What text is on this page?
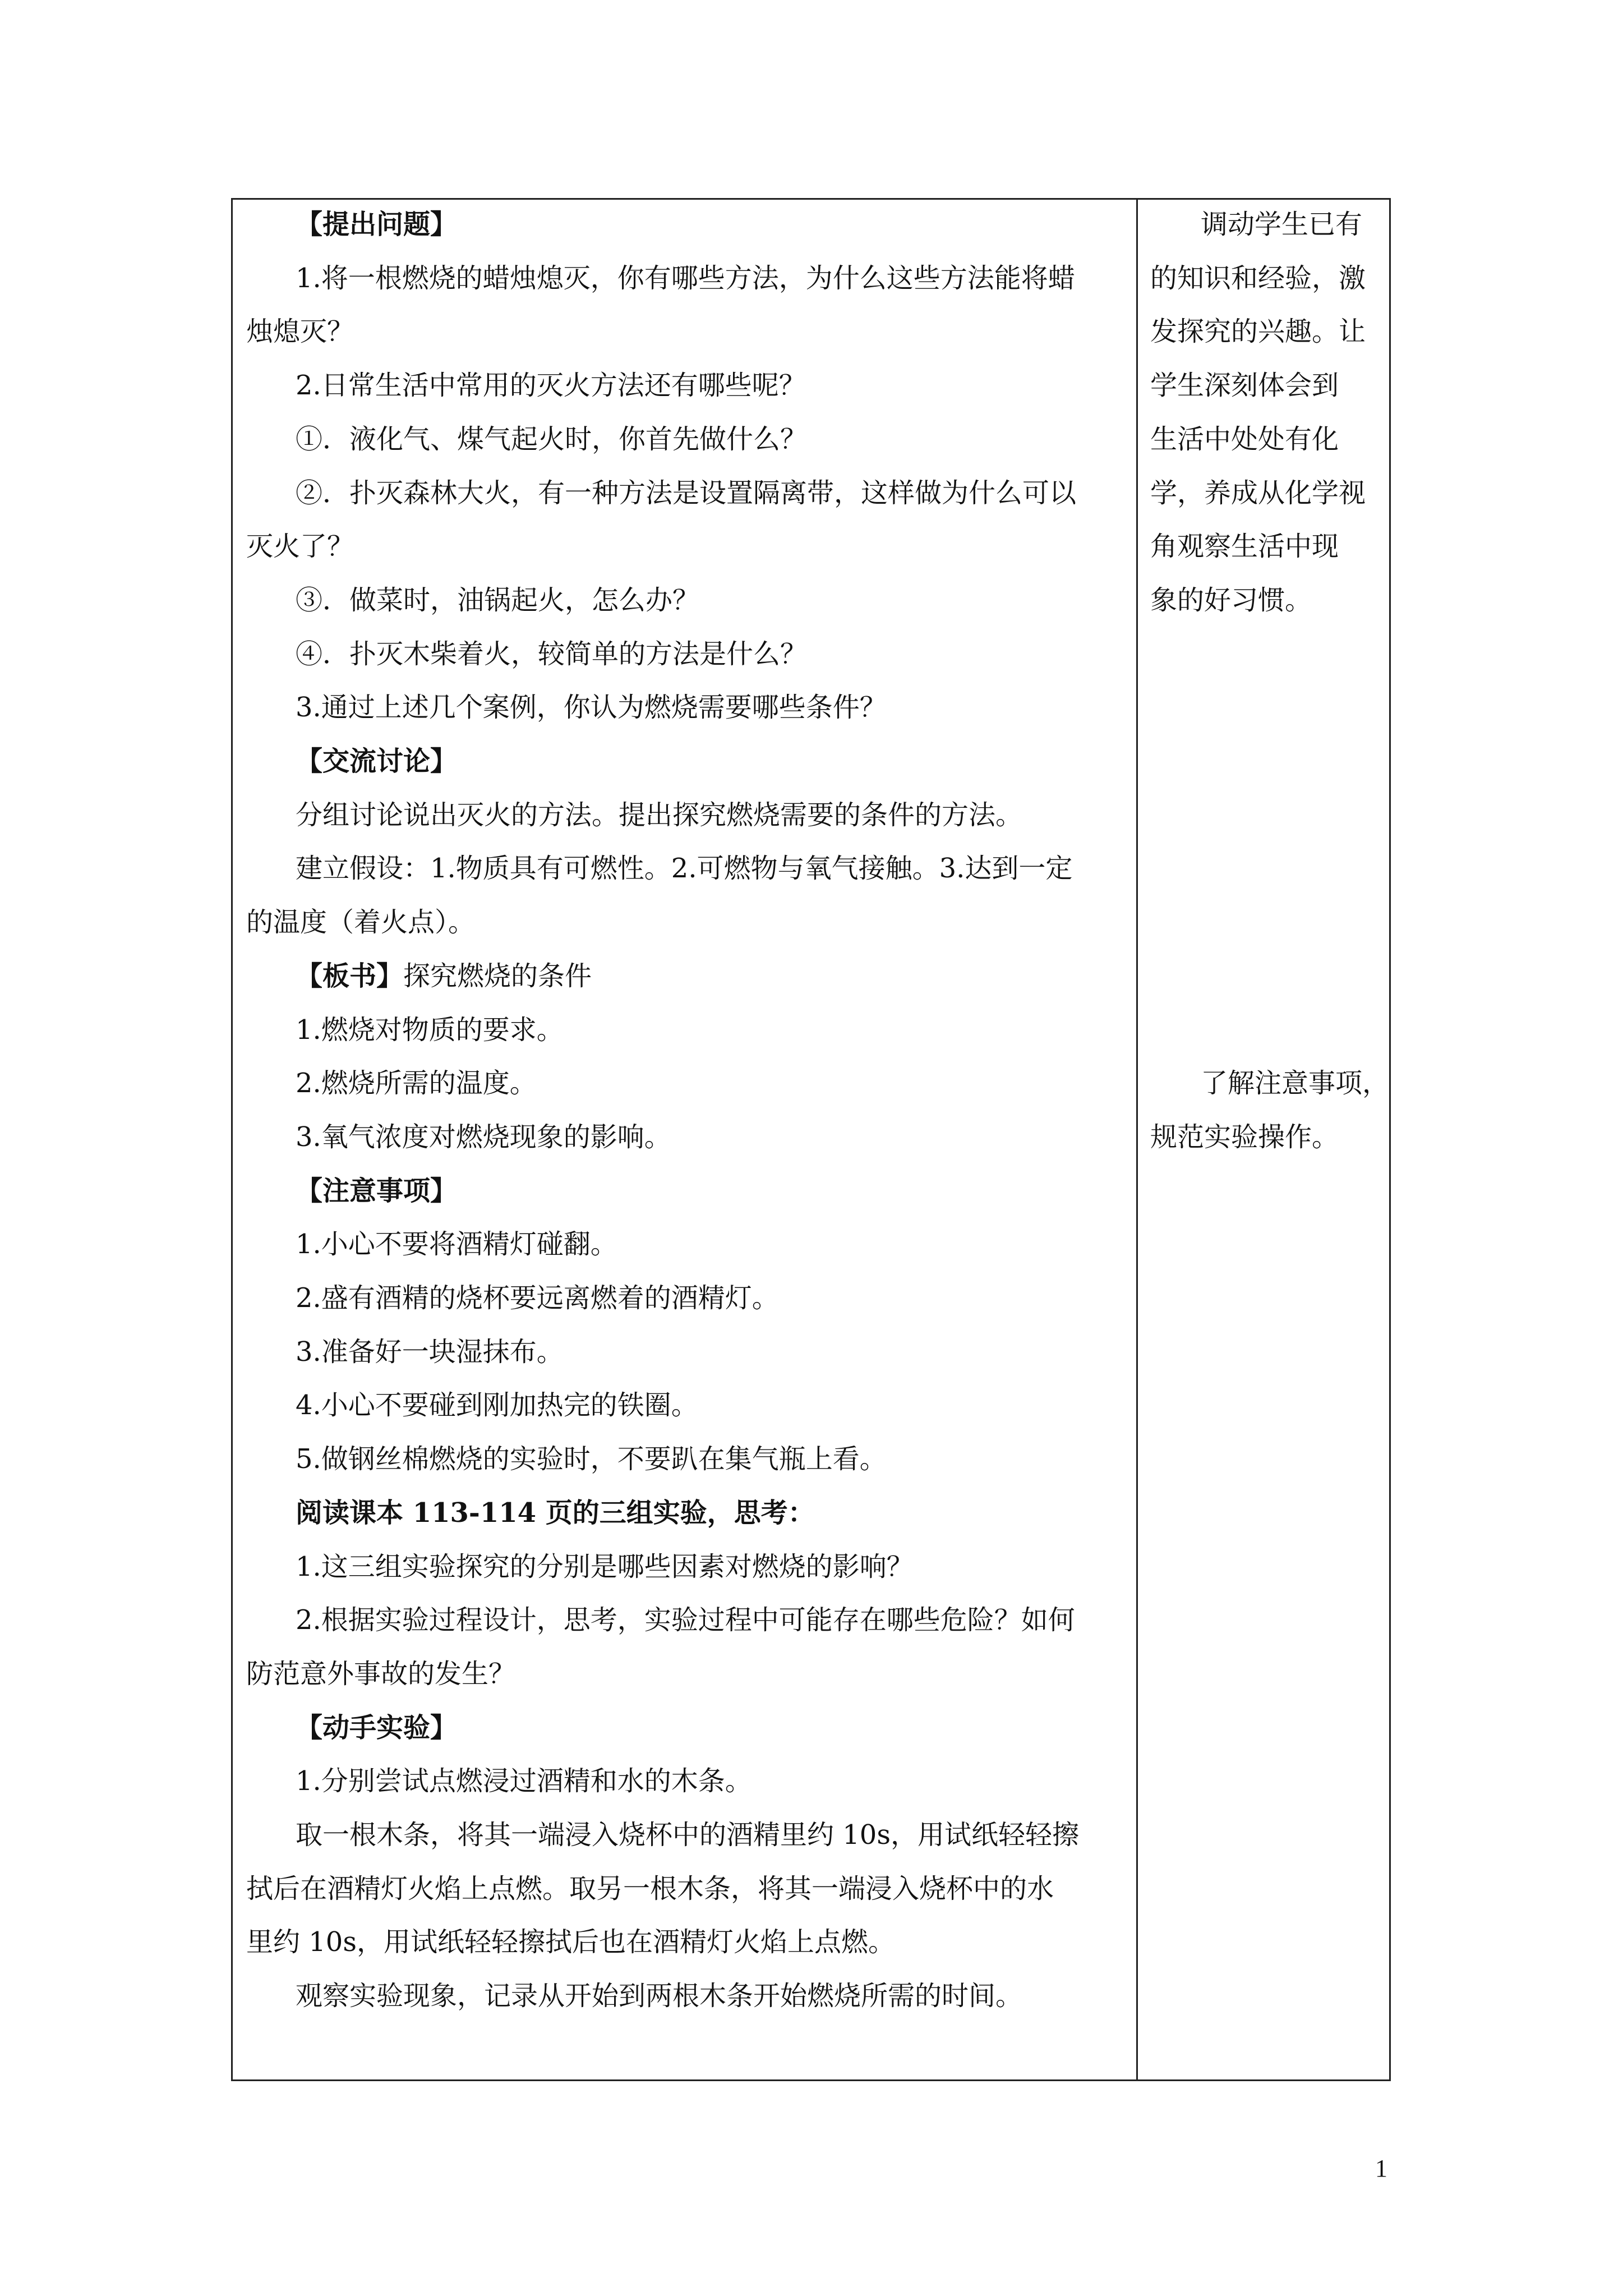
【提出问题】
1.将一根燃烧的蜡烛熄灭，你有哪些方法，为什么这些方法能将蜡
烛熄灭？
2.日常生活中常用的灭火方法还有哪些呢？
①．液化气、煤气起火时，你首先做什么？
②．扑灭森林大火，有一种方法是设置隔离带，这样做为什么可以
灭火了？
③．做菜时，油锅起火，怎么办？
④．扑灭木柴着火，较简单的方法是什么？
3.通过上述几个案例，你认为燃烧需要哪些条件？
【交流讨论】
分组讨论说出灭火的方法。提出探究燃烧需要的条件的方法。
建立假设：1.物质具有可燃性。2.可燃物与氧气接触。3.达到一定
的温度（着火点）。
【板书】探究燃烧的条件
1.燃烧对物质的要求。
2.燃烧所需的温度。
3.氧气浓度对燃烧现象的影响。
【注意事项】
1.小心不要将酒精灯碰翻。
2.盛有酒精的烧杯要远离燃着的酒精灯。
3.准备好一块湿抹布。
4.小心不要碰到刚加热完的铁圈。
5.做钢丝棉燃烧的实验时，不要趴在集气瓶上看。
阅读课本 113-114 页的三组实验，思考：
1.这三组实验探究的分别是哪些因素对燃烧的影响？
2.根据实验过程设计，思考，实验过程中可能存在哪些危险？如何
防范意外事故的发生？
【动手实验】
1.分别尝试点燃浸过酒精和水的木条。
取一根木条，将其一端浸入烧杯中的酒精里约 10s，用试纸轻轻擦
拭后在酒精灯火焰上点燃。取另一根木条，将其一端浸入烧杯中的水
里约 10s，用试纸轻轻擦拭后也在酒精灯火焰上点燃。
观察实验现象，记录从开始到两根木条开始燃烧所需的时间。
调动学生已有
的知识和经验，激
发探究的兴趣。让
学生深刻体会到
生活中处处有化
学，养成从化学视
角观察生活中现
象的好习惯。
了解注意事项，
规范实验操作。
1
